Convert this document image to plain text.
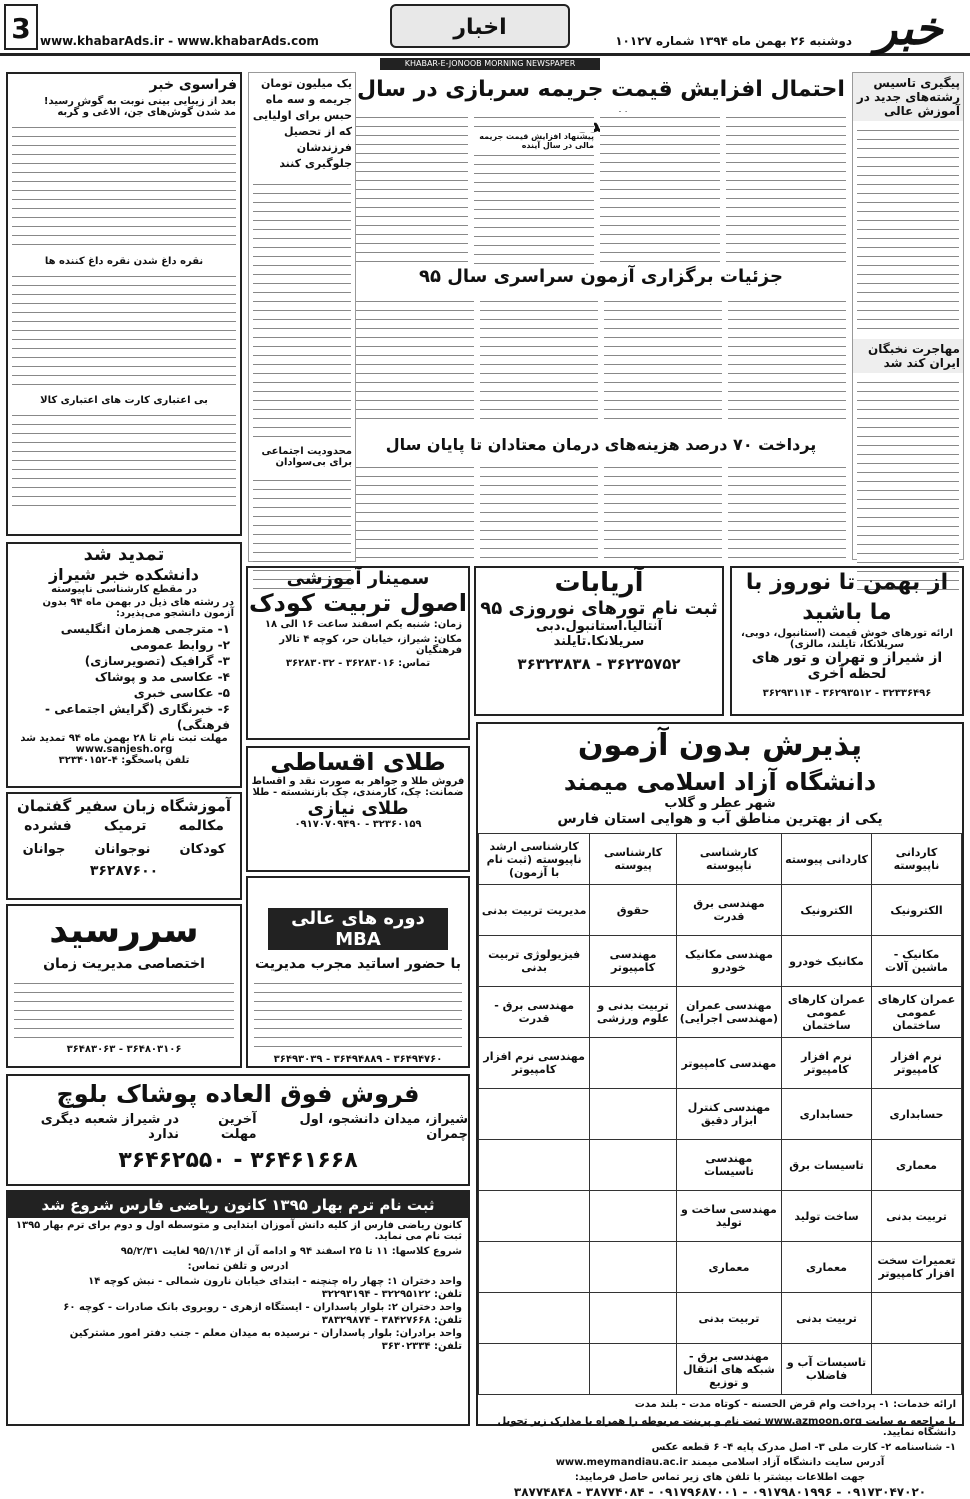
خبر
دوشنبه ۲۶ بهمن ماه ۱۳۹۴ شماره ۱۰۱۲۷
اخبار
www.khabarAds.ir - www.khabarAds.com
3
KHABAR-E-JONOOB MORNING NEWSPAPER
پیگیری تاسیس رشته‌های جدید در آموزش عالی
مهاجرت نخبگان ایران کند شد
احتمال افزایش قیمت جریمه سربازی در سال
پیشنهاد افزایش قیمت جریمه مالی در سال آینده
جزئیات برگزاری آزمون سراسری سال ۹۵
پرداخت ۷۰ درصد هزینه‌های درمان معتادان تا پایان سال
یک میلیون تومان جریمه و سه ماه حبس برای اولیایی که از تحصیل فرزندشان جلوگیری کنند
محدودیت اجتماعی برای بی‌سوادان
فراسوی خبر
بعد از زیبایی بینی نوبت به گوش رسید!
مد شدن گوش‌های جن، الاغی و گربه
نقره داغ شدن نقره داغ کننده ها
بی اعتباری کارت های اعتباری کالا
تمدید شد
دانشکده خبر شیراز
در مقطع کارشناسی ناپیوسته
در رشته های ذیل در بهمن ماه ۹۴ بدون آزمون دانشجو می‌پذیرد:
۱- مترجمی همزمان انگلیسی
۲- روابط عمومی
۳- گرافیک (تصویرسازی)
۴- عکاسی مد و پوشاک
۵- عکاسی خبری
۶- خبرنگاری (گرایش اجتماعی - فرهنگی)
مهلت ثبت نام تا ۲۸ بهمن ماه ۹۴ تمدید شد
www.sanjesh.org
تلفن پاسخگو: ۴-۳۲۳۴۰۱۵۲
آموزشگاه زبان سفیر گفتمان
مکالمه
ترمیک
فشرده
کودکان
نوجوانان
جوانان
۳۶۲۸۷۶۰۰
سررسید
اختصاصی مدیریت زمان
۳۶۴۸۳۰۶۳ - ۳۶۴۸۰۳۱۰۶
سمینار آموزشی
اصول تربیت کودک
زمان: شنبه یکم اسفند ساعت ۱۶ الی ۱۸
مکان: شیراز، خیابان حر، کوچه ۴ تالار فرهنگیان
تماس: ۳۶۲۸۳۰۱۶ - ۳۶۲۸۳۰۳۲
طلای اقساطی
فروش طلا و جواهر به صورت نقد و اقساط
ضمانت: چک، کارمندی، چک بازنشسته - طلا
طلای نیازی
۰۹۱۷۰۷۰۹۴۹۰ - ۳۲۳۶۰۱۵۹
دوره های عالی MBA
با حضور اساتید مجرب مدیریت
۳۶۴۹۳۰۳۹ - ۳۶۴۹۴۸۸۹ - ۳۶۴۹۴۷۶۰
آریابات
ثبت نام تورهای نوروزی ۹۵
آنتالیا.استانبول.دبی
سریلانکا.تایلند
۳۶۳۲۳۸۳۸ - ۳۶۲۳۵۷۵۲
از بهمن تا نوروز با ما باشید
ارائه تورهای خوش قیمت (استانبول، دوبی، سریلانکا، تایلند، مالزی)
از شیراز و تهران و تور های لحظه آخری
۳۶۲۹۳۱۱۴ - ۳۶۲۹۳۵۱۲ - ۳۲۳۳۶۴۹۶
پذیرش بدون آزمون
دانشگاه آزاد اسلامی میمند
شهر عطر و گلاب
یکی از بهترین مناطق آب و هوایی استان فارس
کاردانی ناپیوسته	کاردانی پیوسته	کارشناسی ناپیوسته	کارشناسی پیوسته	کارشناسی ارشد ناپیوسته (ثبت نام با آزمون)
الکترونیک	الکترونیک	مهندسی برق قدرت	حقوق	مدیریت تربیت بدنی
مکانیک - ماشین آلات	مکانیک خودرو	مهندسی مکانیک خودرو	مهندسی کامپیوتر	فیزیولوژی تربیت بدنی
عمران کارهای عمومی ساختمان	عمران کارهای عمومی ساختمان	مهندسی عمران (مهندسی اجرایی)	تربیت بدنی و علوم ورزشی	مهندسی برق - قدرت
نرم افزار کامپیوتر	نرم افزار کامپیوتر	مهندسی کامپیوتر		مهندسی نرم افزار کامپیوتر
حسابداری	حسابداری	مهندسی کنترل ابزار دقیق		
معماری	تاسیسات برق	مهندسی تاسیسات		
تربیت بدنی	ساخت تولید	مهندسی ساخت و تولید		
تعمیرات سخت افزار کامپیوتر	معماری	معماری		
	تربیت بدنی	تربیت بدنی		
	تاسیسات آب و فاضلاب	مهندسی برق - شبکه های انتقال و توزیع		
ارائه خدمات: ۱- پرداخت وام قرض الحسنه - کوتاه مدت - بلند مدت
با مراجعه به سایت www.azmoon.org ثبت نام و پرینت مربوطه را همراه با مدارک زیر تحویل دانشگاه نمایید.
۱- شناسنامه ۲- کارت ملی ۳- اصل مدرک پایه ۴- ۶ قطعه عکس
آدرس سایت دانشگاه آزاد اسلامی میمند www.meymandiau.ac.ir
جهت اطلاعات بیشتر با تلفن های زیر تماس حاصل فرمایید:
۳۸۷۷۴۸۴۸ - ۳۸۷۷۴۰۸۴ - ۰۹۱۷۹۶۸۷۰۰۱ - ۰۹۱۷۹۸۰۱۹۹۶ - ۰۹۱۷۳۰۴۷۰۲۰
فروش فوق العاده پوشاک بلوچ
شیراز، میدان دانشجو، اول چمران
آخرین مهلت
در شیراز شعبه دیگری ندارد
۳۶۴۶۲۵۵۰ - ۳۶۴۶۱۶۶۸
ثبت نام ترم بهار ۱۳۹۵ کانون ریاضی فارس شروع شد
کانون ریاضی فارس از کلیه دانش آموزان ابتدایی و متوسطه اول و دوم برای ترم بهار ۱۳۹۵ ثبت نام می نماید.
شروع کلاسها: ۱۱ تا ۲۵ اسفند ۹۴ و ادامه آن از ۹۵/۱/۱۴ لغایت ۹۵/۲/۳۱
ادرس و تلفن تماس:
واحد دختران ۱: چهار راه چنچنه - ابتدای خیابان نارون شمالی - نبش کوچه ۱۴
تلفن: ۳۲۲۹۵۱۲۲ - ۳۲۲۹۳۱۹۴
واحد دختران ۲: بلوار پاسداران - ایستگاه ازهری - روبروی بانک صادرات - کوچه ۶۰
تلفن: ۳۸۴۲۷۶۶۸ - ۳۸۳۲۹۸۷۴
واحد برادران: بلوار پاسداران - نرسیده به میدان معلم - جنب دفتر امور مشترکین
تلفن: ۳۶۳۰۲۳۳۴
